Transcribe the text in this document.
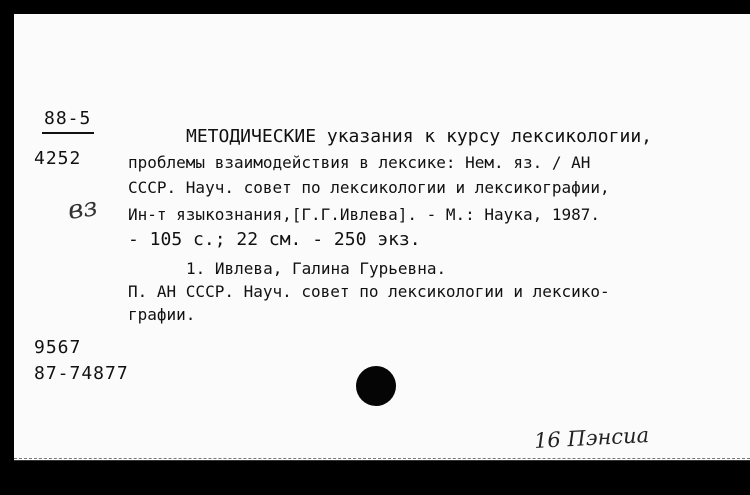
88-5
4252
вз
МЕТОДИЧЕСКИЕ указания к курсу лексикологии,
проблемы взаимодействия в лексике: Нем. яз. / АН
СССР. Науч. совет по лексикологии и лексикографии,
Ин-т языкознания,[Г.Г.Ивлева]. - М.: Наука, 1987.
- 105 с.; 22 см. - 250 экз.
1. Ивлева, Галина Гурьевна.
П. АН СССР. Науч. совет по лексикологии и лексико-
графии.
9567
87-74877
16 Пэнсиа
